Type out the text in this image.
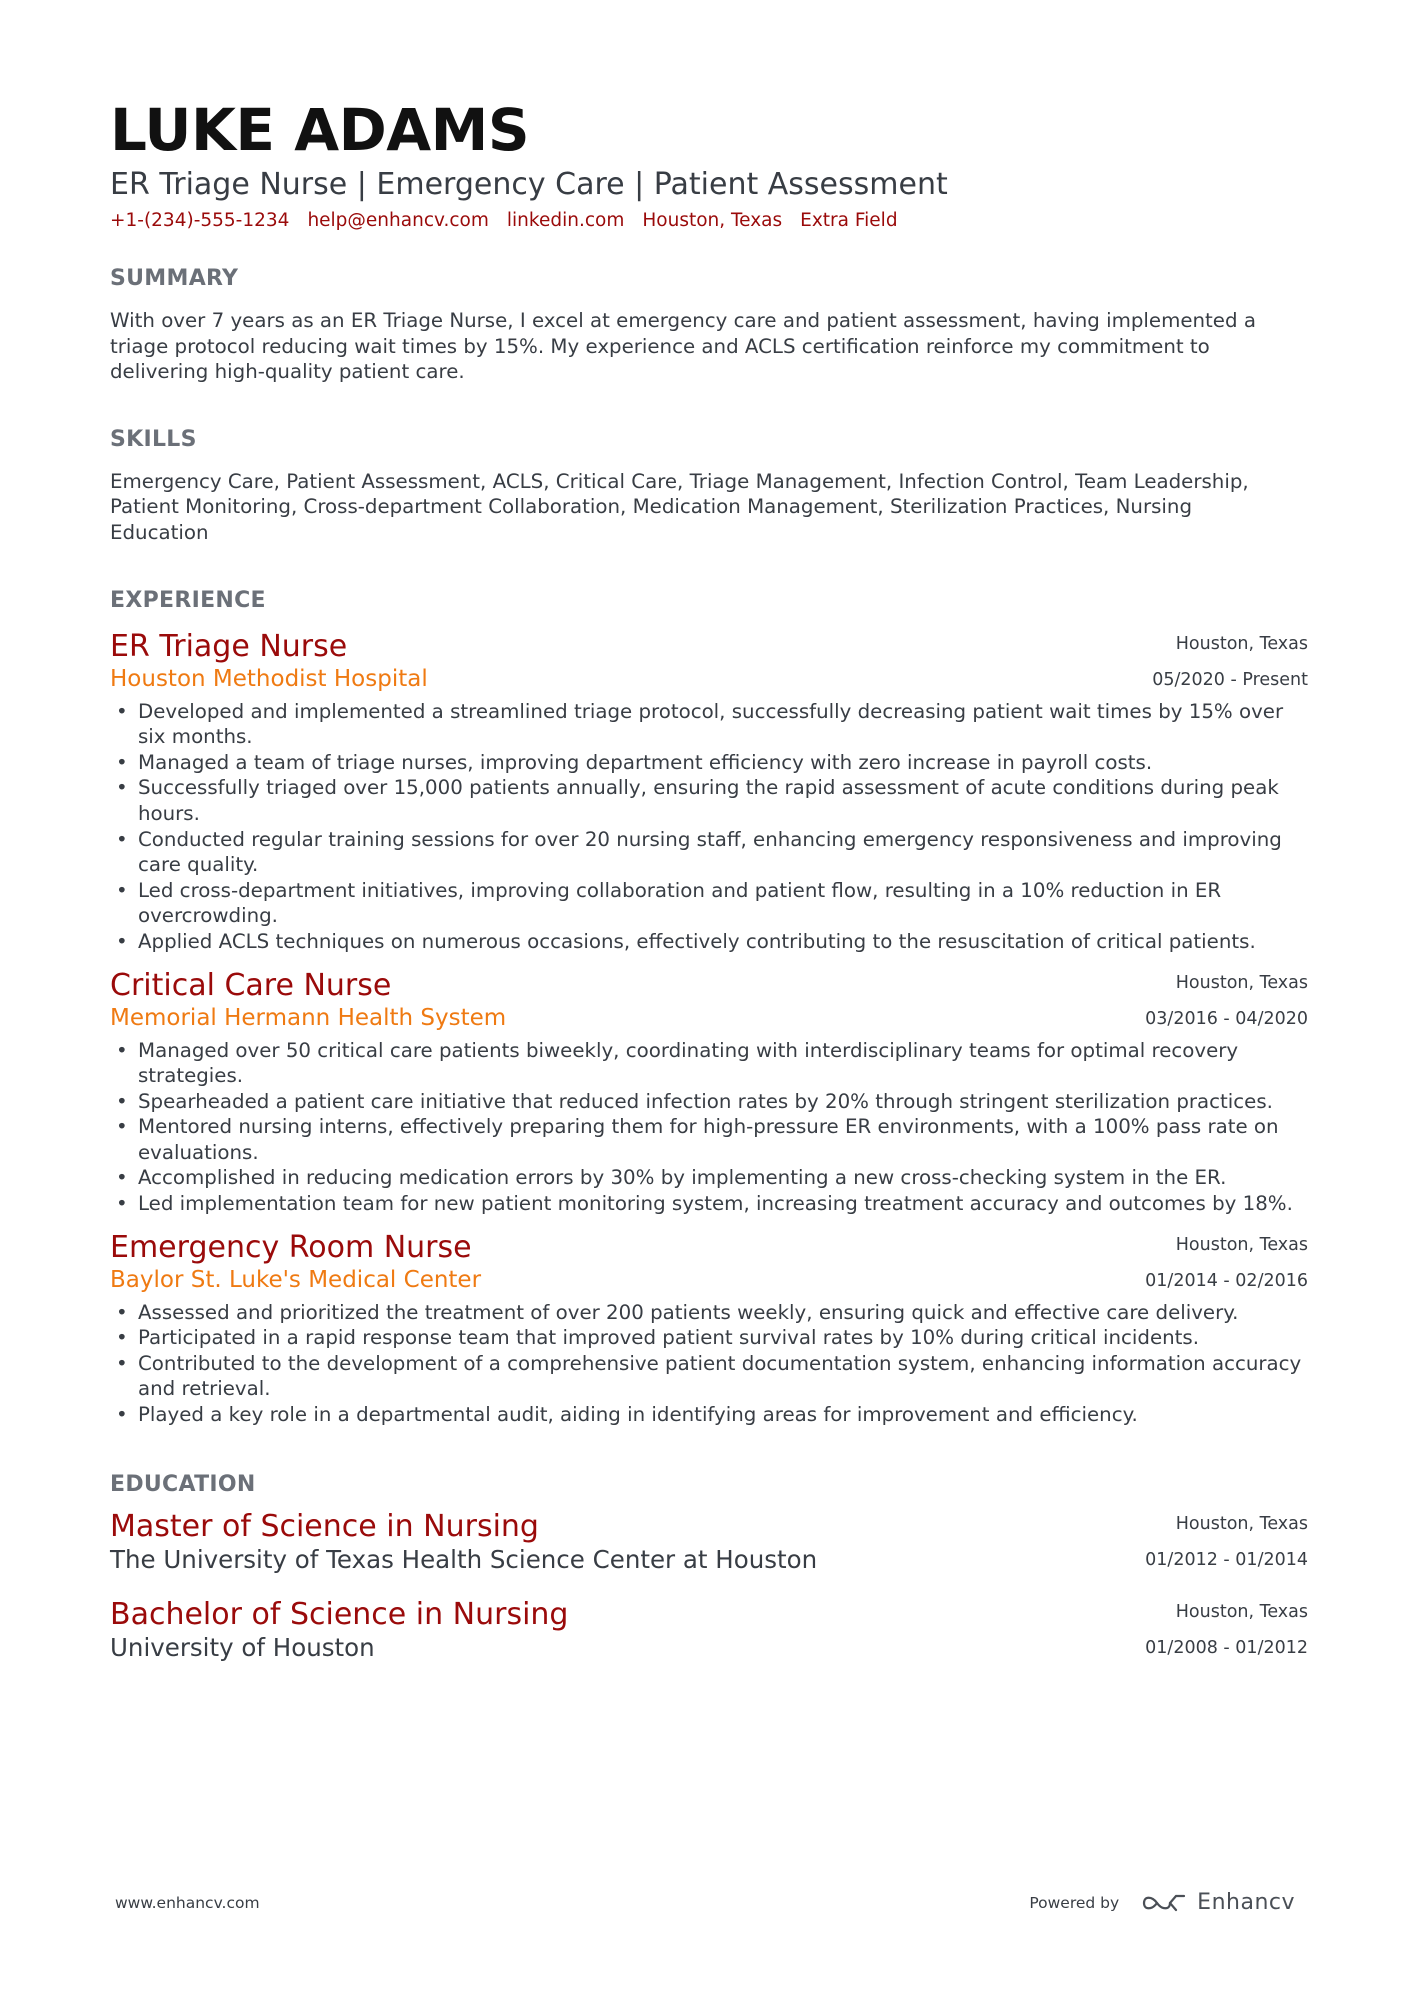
LUKE ADAMS
ER Triage Nurse | Emergency Care | Patient Assessment
+1-(234)-555-1234 help@enhancv.com linkedin.com Houston, Texas Extra Field
SUMMARY

With over 7 years as an ER Triage Nurse, I excel at emergency care and patient assessment, having implemented a triage protocol reducing wait times by 15%. My experience and ACLS certification reinforce my commitment to delivering high-quality patient care.

SKILLS

Emergency Care, Patient Assessment, ACLS, Critical Care, Triage Management, Infection Control, Team Leadership, Patient Monitoring, Cross-department Collaboration, Medication Management, Sterilization Practices, Nursing Education

EXPERIENCE
ER Triage Nurse
Houston Methodist Hospital
Houston, Texas
05/2020 - Present
• Developed and implemented a streamlined triage protocol, successfully decreasing patient wait times by 15% over six months.
• Managed a team of triage nurses, improving department efficiency with zero increase in payroll costs.
• Successfully triaged over 15,000 patients annually, ensuring the rapid assessment of acute conditions during peak hours.
• Conducted regular training sessions for over 20 nursing staff, enhancing emergency responsiveness and improving care quality.
• Led cross-department initiatives, improving collaboration and patient flow, resulting in a 10% reduction in ER overcrowding.
• Applied ACLS techniques on numerous occasions, effectively contributing to the resuscitation of critical patients.
Critical Care Nurse
Memorial Hermann Health System
Houston, Texas
03/2016 - 04/2020
• Managed over 50 critical care patients biweekly, coordinating with interdisciplinary teams for optimal recovery strategies.
• Spearheaded a patient care initiative that reduced infection rates by 20% through stringent sterilization practices.
• Mentored nursing interns, effectively preparing them for high-pressure ER environments, with a 100% pass rate on evaluations.
• Accomplished in reducing medication errors by 30% by implementing a new cross-checking system in the ER.
• Led implementation team for new patient monitoring system, increasing treatment accuracy and outcomes by 18%.
Emergency Room Nurse
Baylor St. Luke's Medical Center
Houston, Texas
01/2014 - 02/2016
• Assessed and prioritized the treatment of over 200 patients weekly, ensuring quick and effective care delivery.
• Participated in a rapid response team that improved patient survival rates by 10% during critical incidents.
• Contributed to the development of a comprehensive patient documentation system, enhancing information accuracy and retrieval.
• Played a key role in a departmental audit, aiding in identifying areas for improvement and efficiency.
EDUCATION
Master of Science in Nursing
The University of Texas Health Science Center at Houston
Houston, Texas
01/2012 - 01/2014
Bachelor of Science in Nursing
University of Houston
Houston, Texas
01/2008 - 01/2012
www.enhancv.com	Powered by	Enhancv
